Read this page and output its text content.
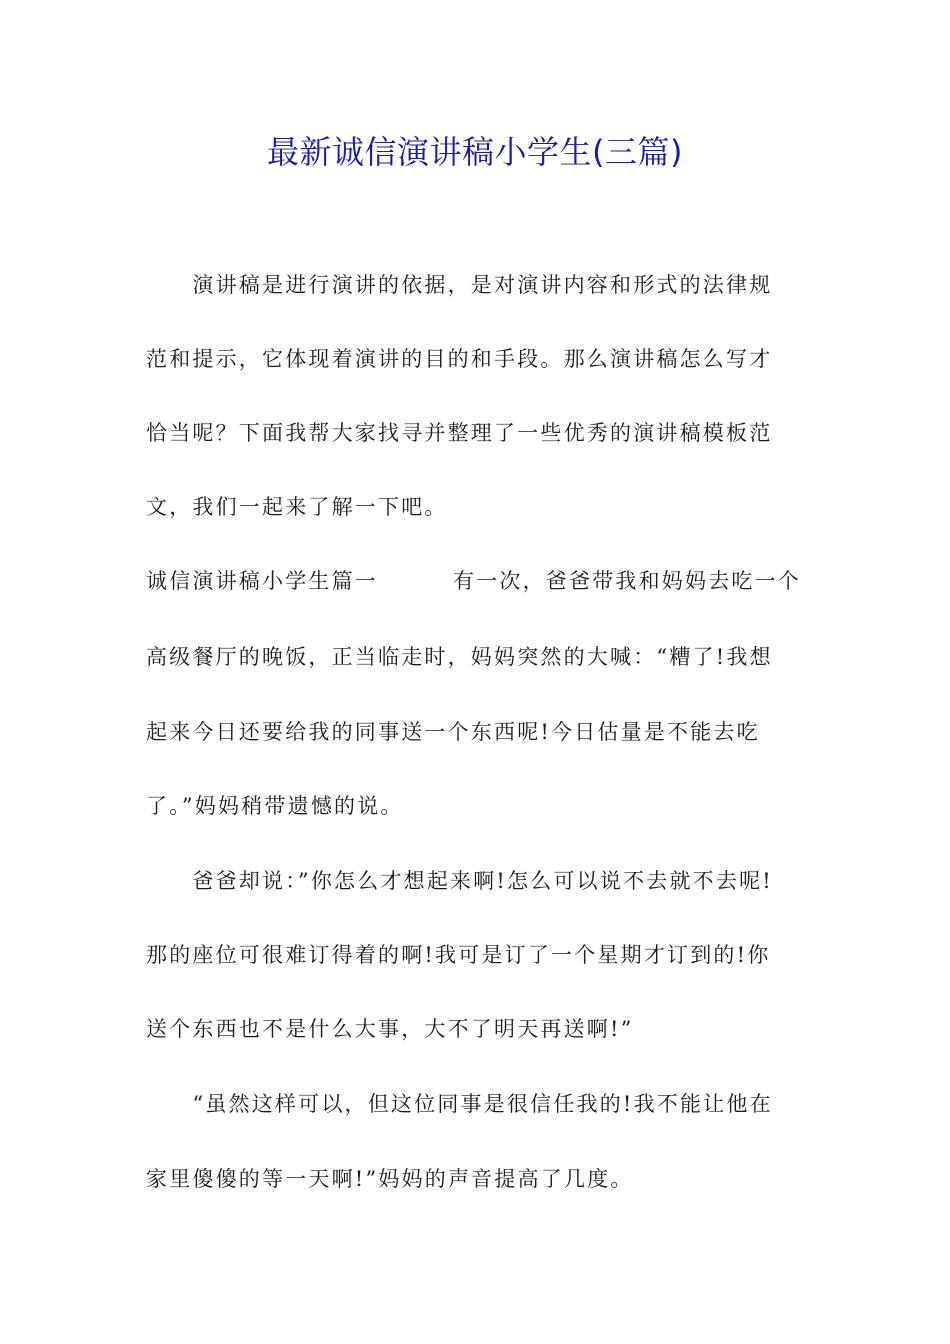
最新诚信演讲稿小学生(三篇)
　　演讲稿是进行演讲的依据，是对演讲内容和形式的法律规
范和提示，它体现着演讲的目的和手段。那么演讲稿怎么写才
恰当呢？下面我帮大家找寻并整理了一些优秀的演讲稿模板范
文，我们一起来了解一下吧。
诚信演讲稿小学生篇一	有一次，爸爸带我和妈妈去吃一个
高级餐厅的晚饭，正当临走时，妈妈突然的大喊：“糟了!我想
起来今日还要给我的同事送一个东西呢!今日估量是不能去吃
了。”妈妈稍带遗憾的说。
　　爸爸却说：”你怎么才想起来啊!怎么可以说不去就不去呢!
那的座位可很难订得着的啊!我可是订了一个星期才订到的!你
送个东西也不是什么大事，大不了明天再送啊!”
　　“虽然这样可以，但这位同事是很信任我的!我不能让他在
家里傻傻的等一天啊!”妈妈的声音提高了几度。
